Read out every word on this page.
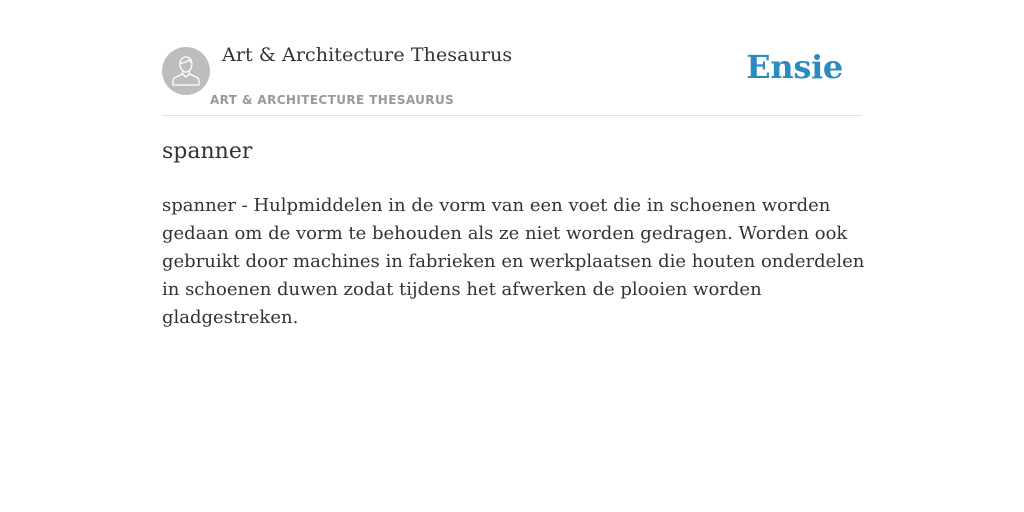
Art & Architecture Thesaurus
ART & ARCHITECTURE THESAURUS
Ensie
spanner

spanner - Hulpmiddelen in de vorm van een voet die in schoenen worden gedaan om de vorm te behouden als ze niet worden gedragen. Worden ook gebruikt door machines in fabrieken en werkplaatsen die houten onderdelen in schoenen duwen zodat tijdens het afwerken de plooien worden gladgestreken.
